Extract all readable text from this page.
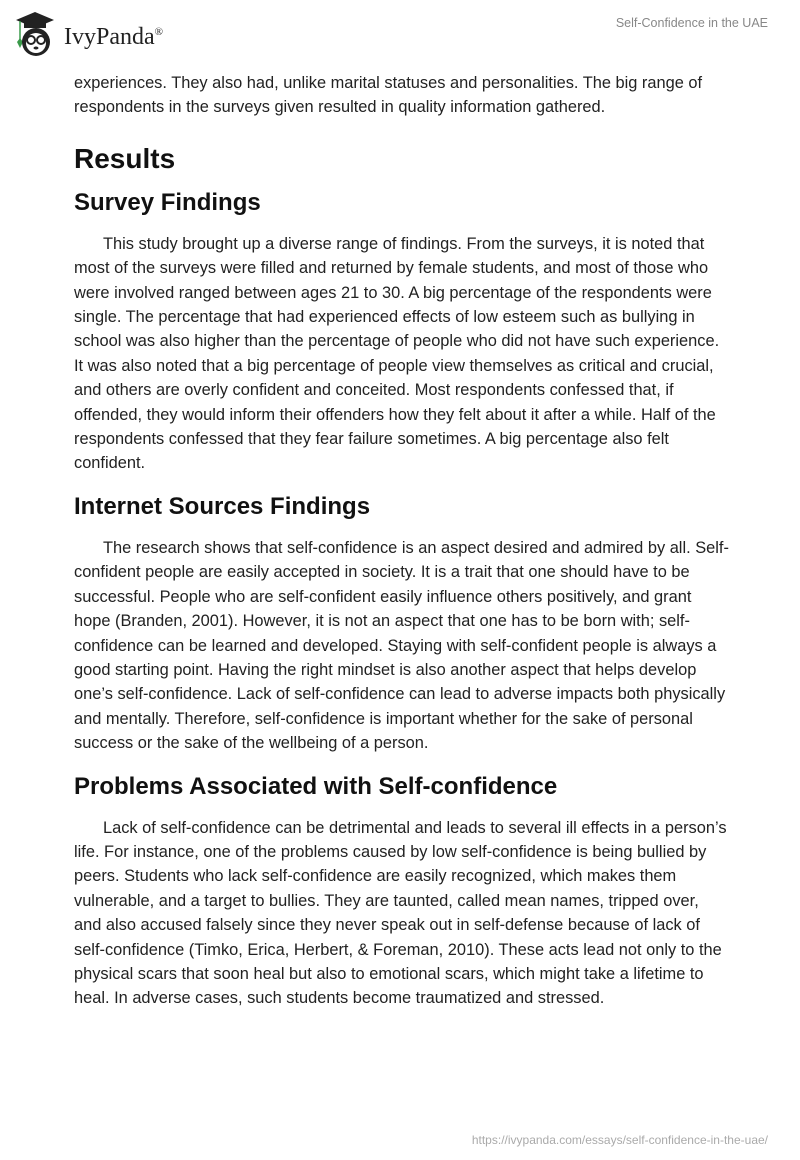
IvyPanda®
Self-Confidence in the UAE

experiences. They also had, unlike marital statuses and personalities. The big range of respondents in the surveys given resulted in quality information gathered.

Results
Survey Findings

This study brought up a diverse range of findings. From the surveys, it is noted that most of the surveys were filled and returned by female students, and most of those who were involved ranged between ages 21 to 30. A big percentage of the respondents were single. The percentage that had experienced effects of low esteem such as bullying in school was also higher than the percentage of people who did not have such experience. It was also noted that a big percentage of people view themselves as critical and crucial, and others are overly confident and conceited. Most respondents confessed that, if offended, they would inform their offenders how they felt about it after a while. Half of the respondents confessed that they fear failure sometimes. A big percentage also felt confident.

Internet Sources Findings

The research shows that self-confidence is an aspect desired and admired by all. Self-confident people are easily accepted in society. It is a trait that one should have to be successful. People who are self-confident easily influence others positively, and grant hope (Branden, 2001). However, it is not an aspect that one has to be born with; self-confidence can be learned and developed. Staying with self-confident people is always a good starting point. Having the right mindset is also another aspect that helps develop one’s self-confidence. Lack of self-confidence can lead to adverse impacts both physically and mentally. Therefore, self-confidence is important whether for the sake of personal success or the sake of the wellbeing of a person.

Problems Associated with Self-confidence

Lack of self-confidence can be detrimental and leads to several ill effects in a person’s life. For instance, one of the problems caused by low self-confidence is being bullied by peers. Students who lack self-confidence are easily recognized, which makes them vulnerable, and a target to bullies. They are taunted, called mean names, tripped over, and also accused falsely since they never speak out in self-defense because of lack of self-confidence (Timko, Erica, Herbert, & Foreman, 2010). These acts lead not only to the physical scars that soon heal but also to emotional scars, which might take a lifetime to heal. In adverse cases, such students become traumatized and stressed.

https://ivypanda.com/essays/self-confidence-in-the-uae/
